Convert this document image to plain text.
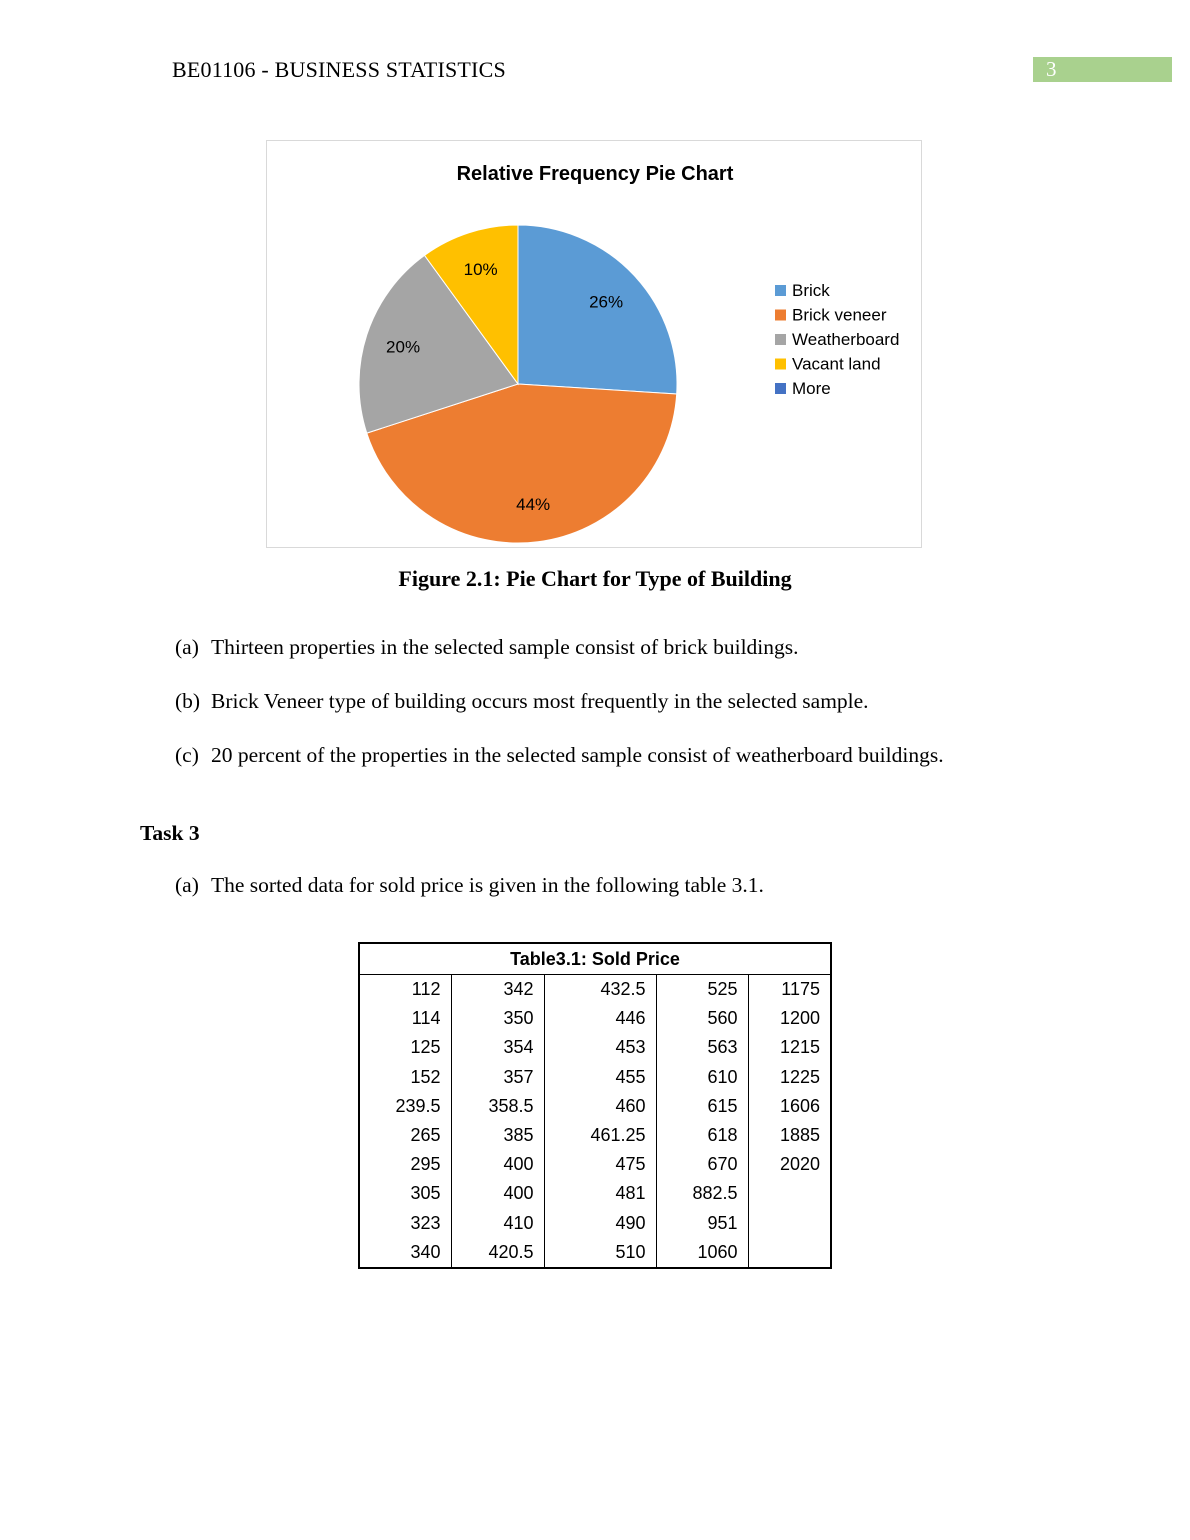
BE01106 - BUSINESS STATISTICS	3
Relative Frequency Pie Chart
26%
44%
20%
10%
Brick
Brick veneer
Weatherboard
Vacant land
More
Figure 2.1: Pie Chart for Type of Building
(a) Thirteen properties in the selected sample consist of brick buildings.
(b) Brick Veneer type of building occurs most frequently in the selected sample.
(c) 20 percent of the properties in the selected sample consist of weatherboard buildings.
Task 3
(a) The sorted data for sold price is given in the following table 3.1.
Table3.1: Sold Price				
112	342	432.5	525	1175
114	350	446	560	1200
125	354	453	563	1215
152	357	455	610	1225
239.5	358.5	460	615	1606
265	385	461.25	618	1885
295	400	475	670	2020
305	400	481	882.5	
323	410	490	951	
340	420.5	510	1060	
